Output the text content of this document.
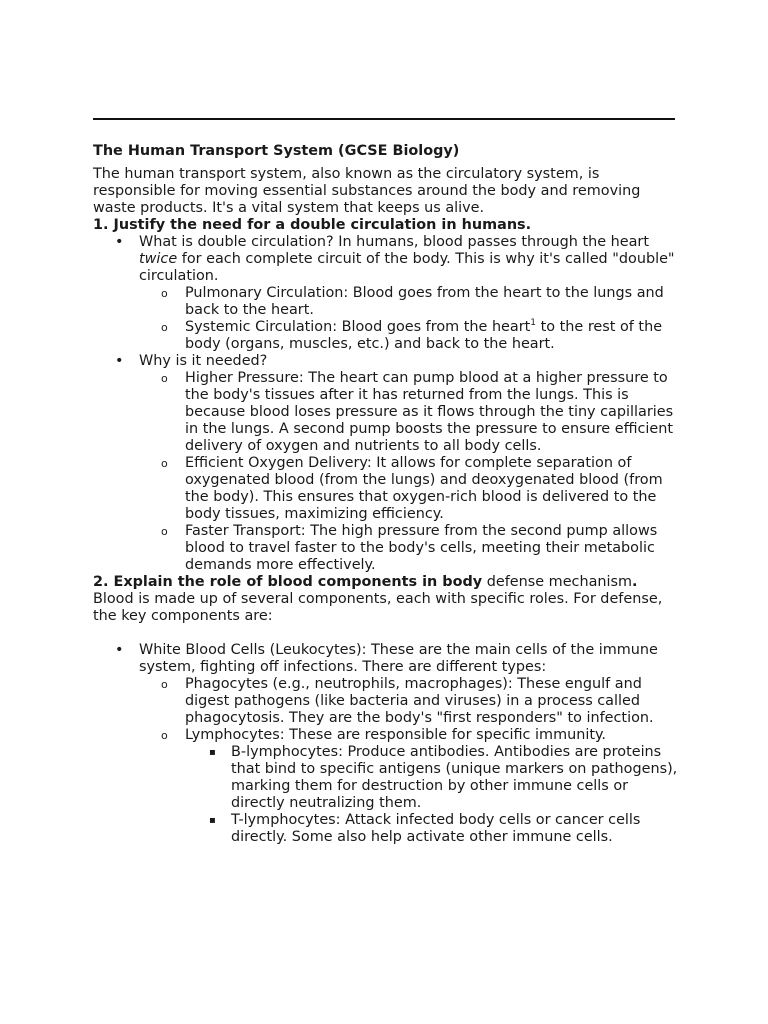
The Human Transport System (GCSE Biology)

The human transport system, also known as the circulatory system, is responsible for moving essential substances around the body and removing waste products. It's a vital system that keeps us alive.

1. Justify the need for a double circulation in humans.

• What is double circulation? In humans, blood passes through the heart twice for each complete circuit of the body. This is why it's called "double" circulation.
o Pulmonary Circulation: Blood goes from the heart to the lungs and back to the heart.
o Systemic Circulation: Blood goes from the heart$^1$ to the rest of the body (organs, muscles, etc.) and back to the heart.
• Why is it needed?
o Higher Pressure: The heart can pump blood at a higher pressure to the body's tissues after it has returned from the lungs. This is because blood loses pressure as it flows through the tiny capillaries in the lungs. A second pump boosts the pressure to ensure efficient delivery of oxygen and nutrients to all body cells.
o Efficient Oxygen Delivery: It allows for complete separation of oxygenated blood (from the lungs) and deoxygenated blood (from the body). This ensures that oxygen-rich blood is delivered to the body tissues, maximizing efficiency.
o Faster Transport: The high pressure from the second pump allows blood to travel faster to the body's cells, meeting their metabolic demands more effectively.

2. Explain the role of blood components in body defense mechanism.

Blood is made up of several components, each with specific roles. For defense, the key components are:

• White Blood Cells (Leukocytes): These are the main cells of the immune system, fighting off infections. There are different types:
o Phagocytes (e.g., neutrophils, macrophages): These engulf and digest pathogens (like bacteria and viruses) in a process called phagocytosis. They are the body's "first responders" to infection.
o Lymphocytes: These are responsible for specific immunity.
▪ B-lymphocytes: Produce antibodies. Antibodies are proteins that bind to specific antigens (unique markers on pathogens), marking them for destruction by other immune cells or directly neutralizing them.
▪ T-lymphocytes: Attack infected body cells or cancer cells directly. Some also help activate other immune cells.
